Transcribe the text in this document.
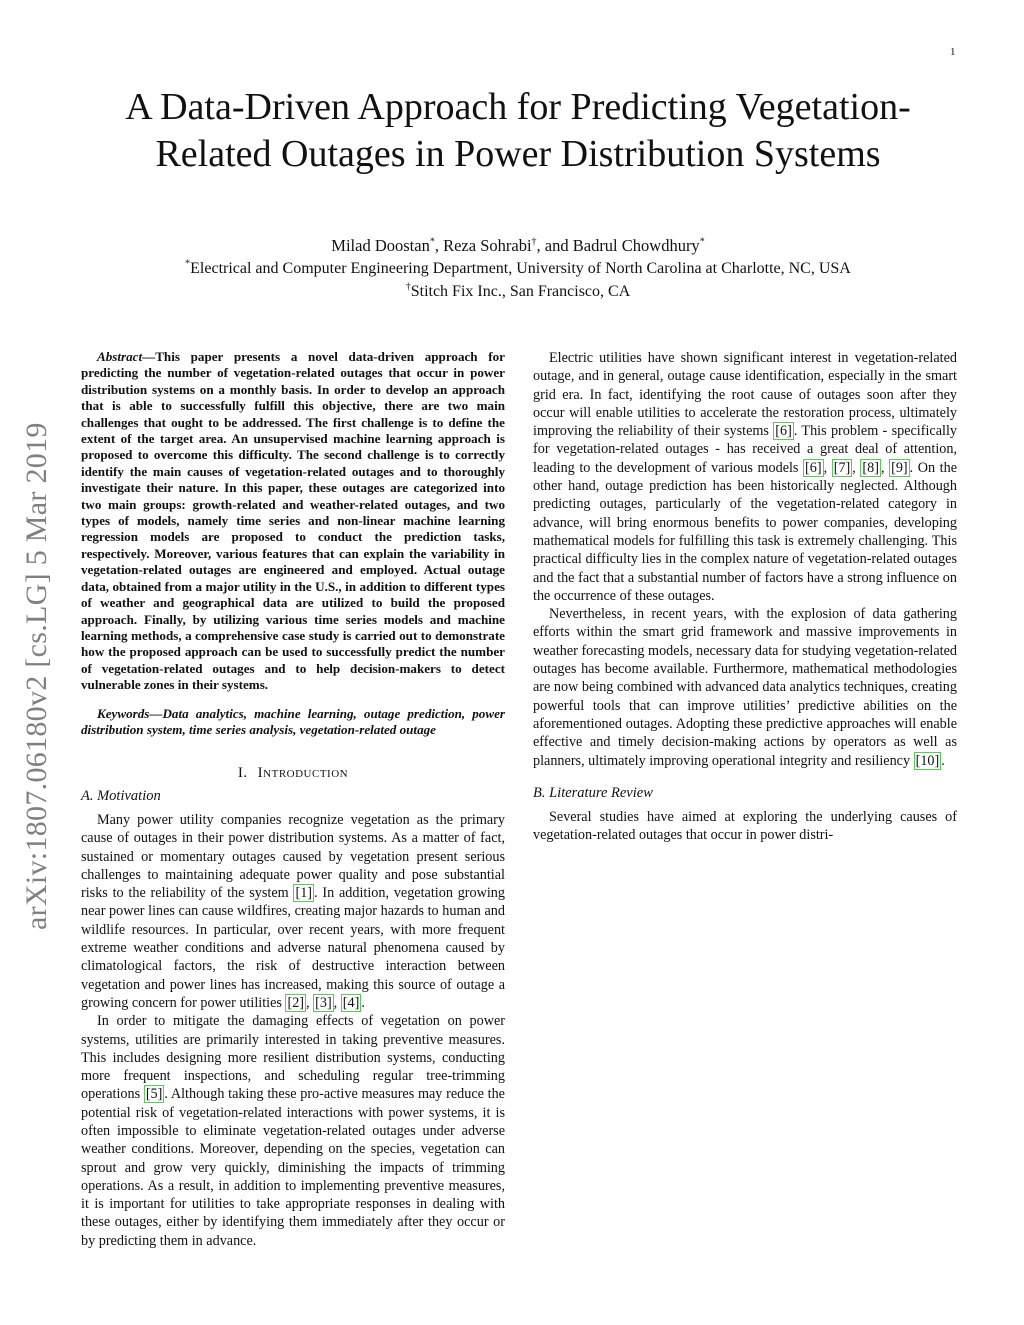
1
arXiv:1807.06180v2 [cs.LG] 5 Mar 2019
A Data-Driven Approach for Predicting Vegetation-Related Outages in Power Distribution Systems
Milad Doostan*, Reza Sohrabi†, and Badrul Chowdhury*
*Electrical and Computer Engineering Department, University of North Carolina at Charlotte, NC, USA
†Stitch Fix Inc., San Francisco, CA

Abstract—This paper presents a novel data-driven approach for predicting the number of vegetation-related outages that occur in power distribution systems on a monthly basis. In order to develop an approach that is able to successfully fulfill this objective, there are two main challenges that ought to be addressed. The first challenge is to define the extent of the target area. An unsupervised machine learning approach is proposed to overcome this difficulty. The second challenge is to correctly identify the main causes of vegetation-related outages and to thoroughly investigate their nature. In this paper, these outages are categorized into two main groups: growth-related and weather-related outages, and two types of models, namely time series and non-linear machine learning regression models are proposed to conduct the prediction tasks, respectively. Moreover, various features that can explain the variability in vegetation-related outages are engineered and employed. Actual outage data, obtained from a major utility in the U.S., in addition to different types of weather and geographical data are utilized to build the proposed approach. Finally, by utilizing various time series models and machine learning methods, a comprehensive case study is carried out to demonstrate how the proposed approach can be used to successfully predict the number of vegetation-related outages and to help decision-makers to detect vulnerable zones in their systems.

Keywords—Data analytics, machine learning, outage prediction, power distribution system, time series analysis, vegetation-related outage

I. Introduction

A. Motivation

Many power utility companies recognize vegetation as the primary cause of outages in their power distribution systems. As a matter of fact, sustained or momentary outages caused by vegetation present serious challenges to maintaining adequate power quality and pose substantial risks to the reliability of the system [1] . In addition, vegetation growing near power lines can cause wildfires, creating major hazards to human and wildlife resources. In particular, over recent years, with more frequent extreme weather conditions and adverse natural phenomena caused by climatological factors, the risk of destructive interaction between vegetation and power lines has increased, making this source of outage a growing concern for power utilities [2] , [3] , [4] .

In order to mitigate the damaging effects of vegetation on power systems, utilities are primarily interested in taking preventive measures. This includes designing more resilient distribution systems, conducting more frequent inspections, and scheduling regular tree-trimming operations [5] . Although taking these pro-active measures may reduce the potential risk of vegetation-related interactions with power systems, it is often impossible to eliminate vegetation-related outages under adverse weather conditions. Moreover, depending on the species, vegetation can sprout and grow very quickly, diminishing the impacts of trimming operations. As a result, in addition to implementing preventive measures, it is important for utilities to take appropriate responses in dealing with these outages, either by identifying them immediately after they occur or by predicting them in advance.

Electric utilities have shown significant interest in vegetation-related outage, and in general, outage cause identification, especially in the smart grid era. In fact, identifying the root cause of outages soon after they occur will enable utilities to accelerate the restoration process, ultimately improving the reliability of their systems [6] . This problem - specifically for vegetation-related outages - has received a great deal of attention, leading to the development of various models [6] , [7] , [8] , [9] . On the other hand, outage prediction has been historically neglected. Although predicting outages, particularly of the vegetation-related category in advance, will bring enormous benefits to power companies, developing mathematical models for fulfilling this task is extremely challenging. This practical difficulty lies in the complex nature of vegetation-related outages and the fact that a substantial number of factors have a strong influence on the occurrence of these outages.

Nevertheless, in recent years, with the explosion of data gathering efforts within the smart grid framework and massive improvements in weather forecasting models, necessary data for studying vegetation-related outages has become available. Furthermore, mathematical methodologies are now being combined with advanced data analytics techniques, creating powerful tools that can improve utilities’ predictive abilities on the aforementioned outages. Adopting these predictive approaches will enable effective and timely decision-making actions by operators as well as planners, ultimately improving operational integrity and resiliency [10] .

B. Literature Review

Several studies have aimed at exploring the underlying causes of vegetation-related outages that occur in power distri-
